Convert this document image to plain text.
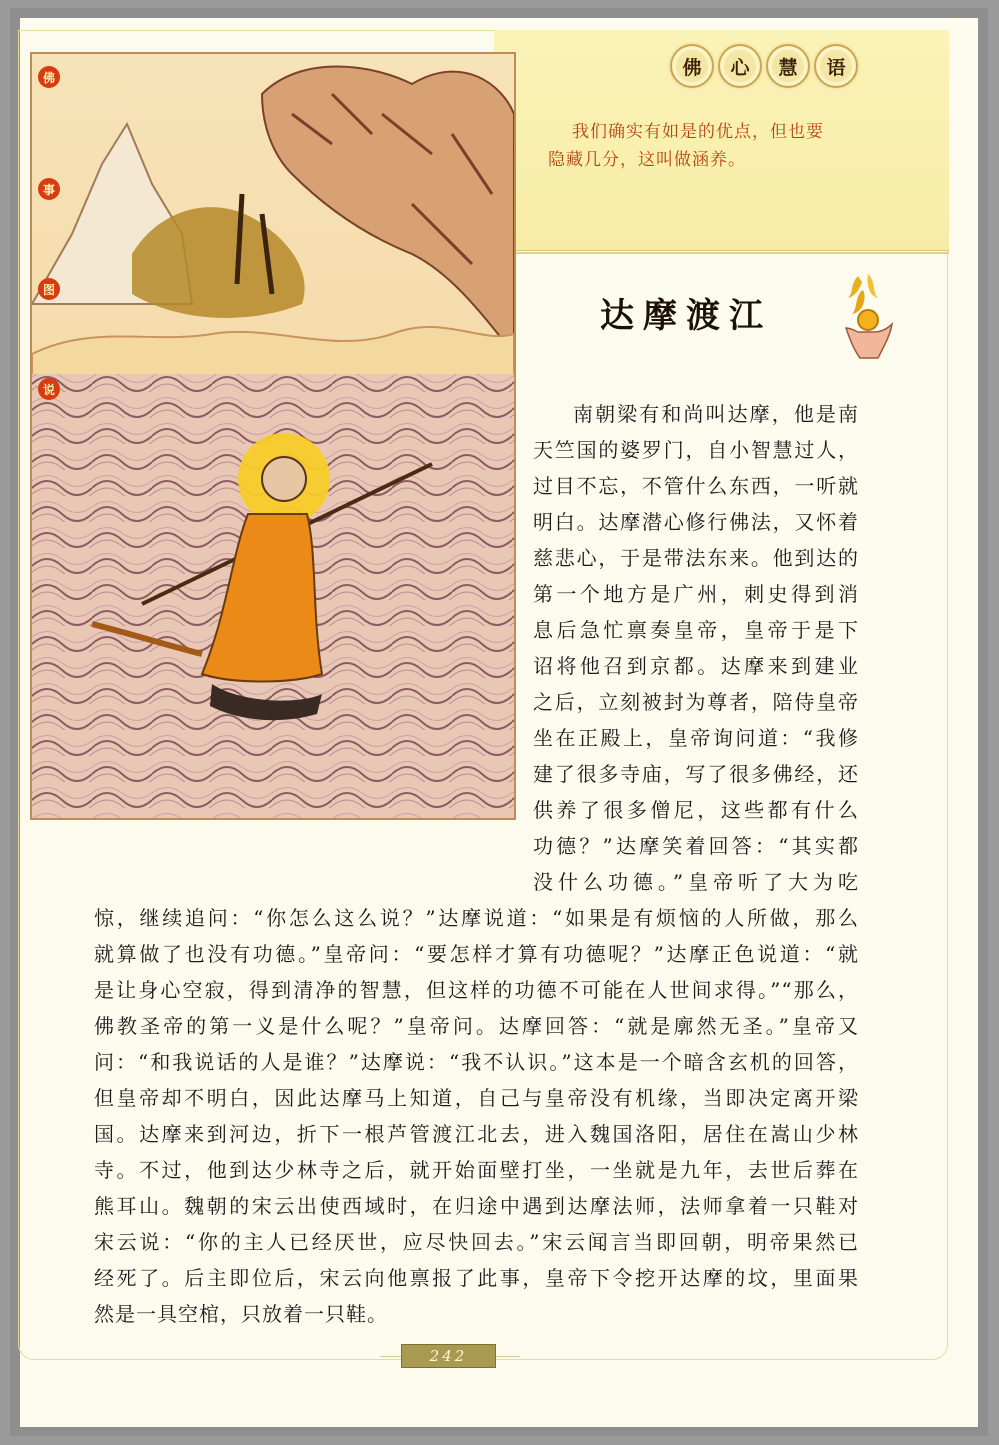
佛	心	慧	语
我们确实有如是的优点，但也要
隐藏几分，这叫做涵养。
达摩渡江
佛
事
图
说
南朝梁有和尚叫达摩，他是南
天竺国的婆罗门，自小智慧过人，
过目不忘，不管什么东西，一听就
明白。达摩潜心修行佛法，又怀着
慈悲心，于是带法东来。他到达的
第一个地方是广州，刺史得到消
息后急忙禀奏皇帝，皇帝于是下
诏将他召到京都。达摩来到建业
之后，立刻被封为尊者，陪侍皇帝
坐在正殿上，皇帝询问道：“我修
建了很多寺庙，写了很多佛经，还
供养了很多僧尼，这些都有什么
功德？”达摩笑着回答：“其实都
没什么功德。”皇帝听了大为吃
惊，继续追问：“你怎么这么说？”达摩说道：“如果是有烦恼的人所做，那么
就算做了也没有功德。”皇帝问：“要怎样才算有功德呢？”达摩正色说道：“就
是让身心空寂，得到清净的智慧，但这样的功德不可能在人世间求得。”“那么，
佛教圣帝的第一义是什么呢？”皇帝问。达摩回答：“就是廓然无圣。”皇帝又
问：“和我说话的人是谁？”达摩说：“我不认识。”这本是一个暗含玄机的回答，
但皇帝却不明白，因此达摩马上知道，自己与皇帝没有机缘，当即决定离开梁
国。达摩来到河边，折下一根芦管渡江北去，进入魏国洛阳，居住在嵩山少林
寺。不过，他到达少林寺之后，就开始面壁打坐，一坐就是九年，去世后葬在
熊耳山。魏朝的宋云出使西域时，在归途中遇到达摩法师，法师拿着一只鞋对
宋云说：“你的主人已经厌世，应尽快回去。”宋云闻言当即回朝，明帝果然已
经死了。后主即位后，宋云向他禀报了此事，皇帝下令挖开达摩的坟，里面果
然是一具空棺，只放着一只鞋。
242
